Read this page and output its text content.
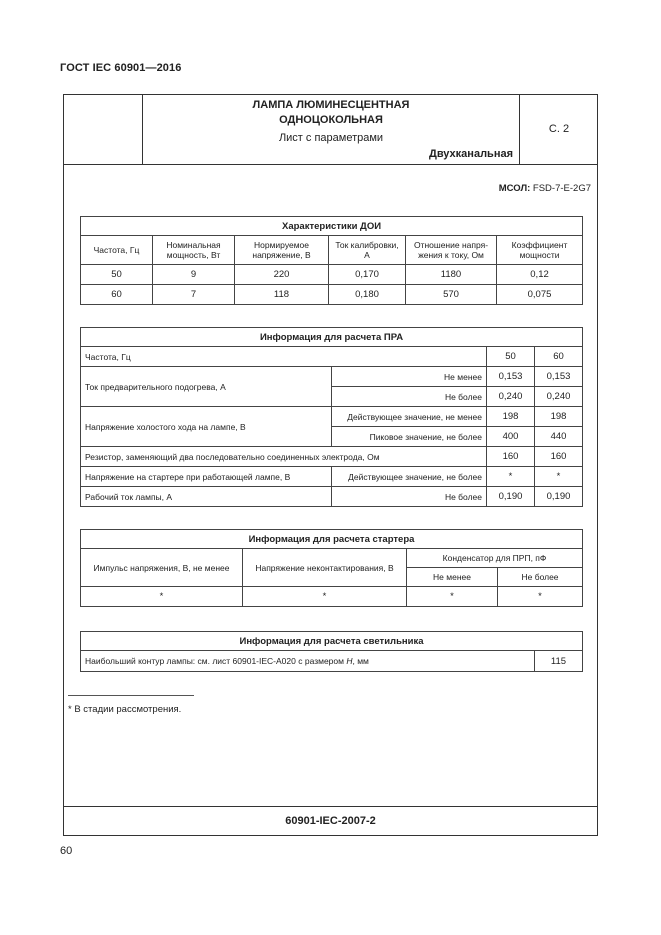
ГОСТ IEC 60901—2016
С. 2
ЛАМПА ЛЮМИНЕСЦЕНТНАЯ
ОДНОЦОКОЛЬНАЯ
Лист с параметрами
Двухканальная
МСОЛ: FSD-7-E-2G7
Характеристики ДОИ					
Частота, Гц	Номинальная мощность, Вт	Нормируемое напряжение, В	Ток калибровки, А	Отношение напря-жения к току, Ом	Коэффициент мощности
50	9	220	0,170	1180	0,12
60	7	118	0,180	570	0,075
Информация для расчета ПРА			
Частота, Гц		50	60
Ток предварительного подогрева, А	Не менее	0,153	0,153
	Не более	0,240	0,240
Напряжение холостого хода на лампе, В	Действующее значение, не менее	198	198
	Пиковое значение, не более	400	440
Резистор, заменяющий два последовательно соединенных электрода, Ом		160	160
Напряжение на стартере при работающей лампе, В	Действующее значение, не более	*	*
Рабочий ток лампы, А	Не более	0,190	0,190
Информация для расчета стартера			
Импульс напряжения, В, не менее	Напряжение неконтактирования, В	Конденсатор для ПРП, пФ	
		Не менее	Не более
*	*	*	*
Информация для расчета светильника
Наибольший контур лампы: см. лист 60901-IEC-A020 с размером H, мм	115
* В стадии рассмотрения.
60901-IEC-2007-2
60
